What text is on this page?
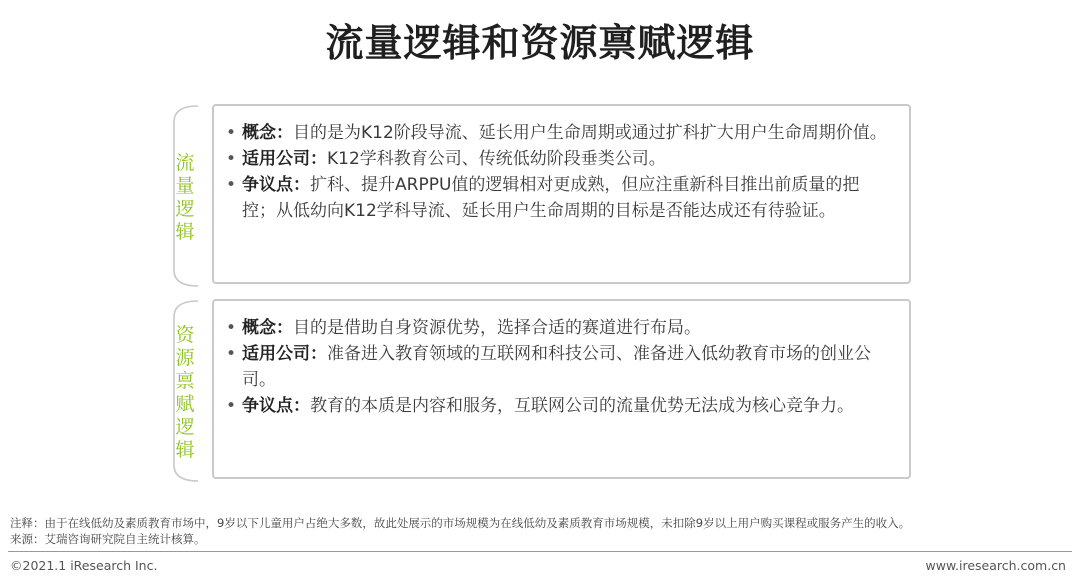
流量逻辑和资源禀赋逻辑
流
量
逻
辑
• 概念：目的是为K12阶段导流、延长用户生命周期或通过扩科扩大用户生命周期价值。
• 适用公司：K12学科教育公司、传统低幼阶段垂类公司。
• 争议点：扩科、提升ARPPU值的逻辑相对更成熟，但应注重新科目推出前质量的把控；从低幼向K12学科导流、延长用户生命周期的目标是否能达成还有待验证。
资
源
禀
赋
逻
辑
• 概念：目的是借助自身资源优势，选择合适的赛道进行布局。
• 适用公司：准备进入教育领域的互联网和科技公司、准备进入低幼教育市场的创业公司。
• 争议点：教育的本质是内容和服务，互联网公司的流量优势无法成为核心竞争力。
注释：由于在线低幼及素质教育市场中，9岁以下儿童用户占绝大多数，故此处展示的市场规模为在线低幼及素质教育市场规模，未扣除9岁以上用户购买课程或服务产生的收入。
来源：艾瑞咨询研究院自主统计核算。
©2021.1 iResearch Inc.	www.iresearch.com.cn
